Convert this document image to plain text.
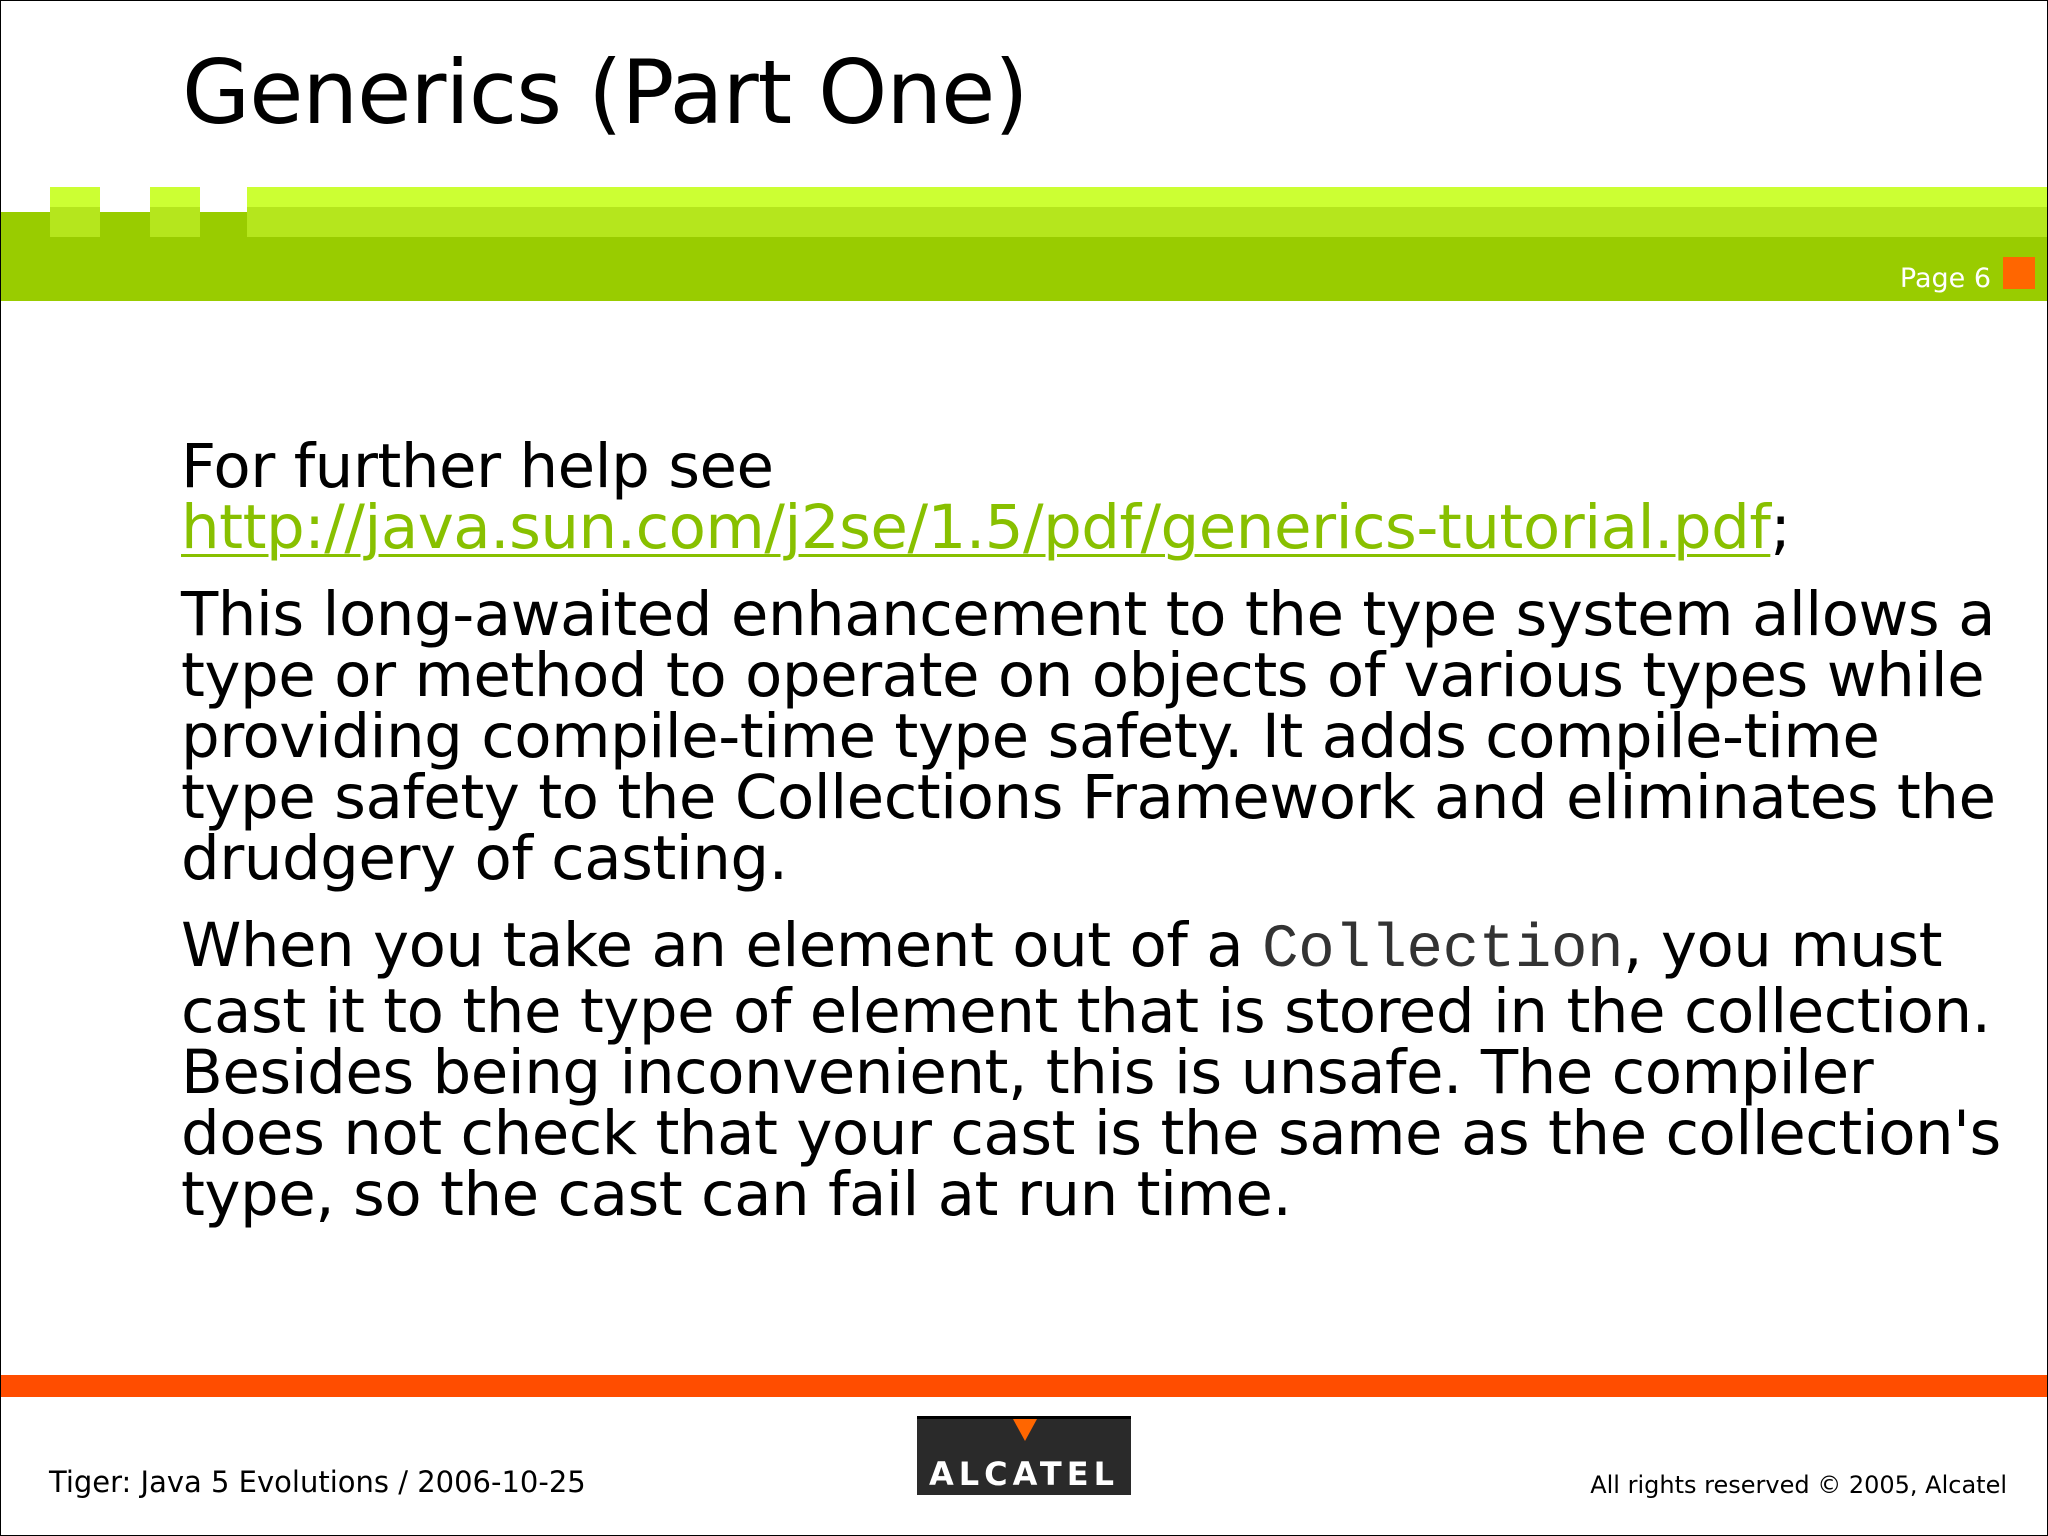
Generics (Part One)
Page 6

For further help see
http://java.sun.com/j2se/1.5/pdf/generics-tutorial.pdf;

This long-awaited enhancement to the type system allows a type or method to operate on objects of various types while providing compile-time type safety. It adds compile-time type safety to the Collections Framework and eliminates the drudgery of casting.

When you take an element out of a Collection, you must cast it to the type of element that is stored in the collection. Besides being inconvenient, this is unsafe. The compiler does not check that your cast is the same as the collection's type, so the cast can fail at run time.

Tiger: Java 5 Evolutions / 2006-10-25	ALCATEL	All rights reserved © 2005, Alcatel
